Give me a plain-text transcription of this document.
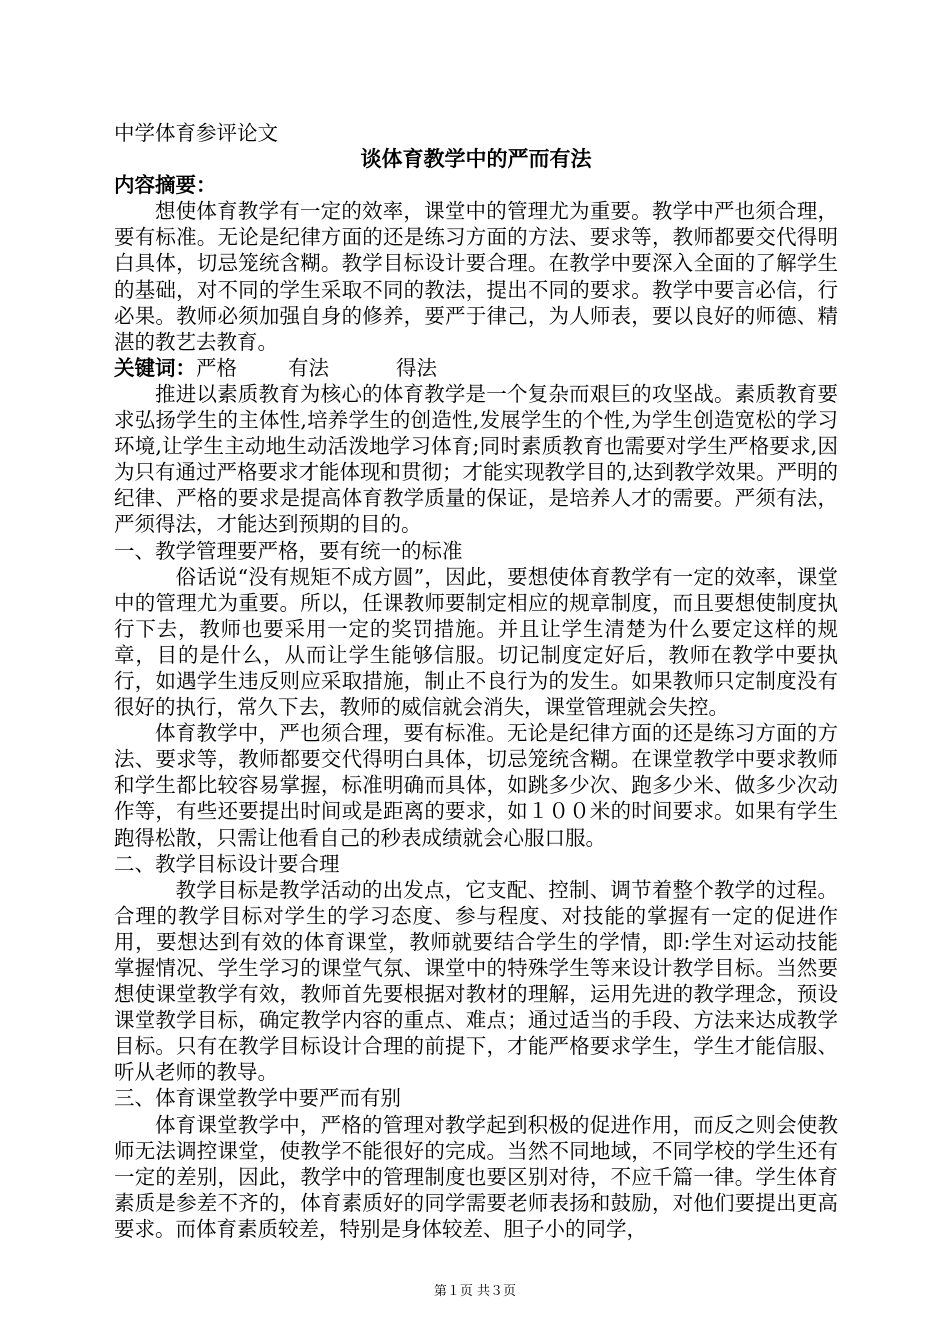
中学体育参评论文

谈体育教学中的严而有法

内容摘要：

想使体育教学有一定的效率，课堂中的管理尤为重要。教学中严也须合理，要有标准。无论是纪律方面的还是练习方面的方法、要求等，教师都要交代得明白具体，切忌笼统含糊。教学目标设计要合理。在教学中要深入全面的了解学生的基础，对不同的学生采取不同的教法，提出不同的要求。教学中要言必信，行必果。教师必须加强自身的修养，要严于律己，为人师表，要以良好的师德、精湛的教艺去教育。

关键词：严格 有法	得法

推进以素质教育为核心的体育教学是一个复杂而艰巨的攻坚战。素质教育要求弘扬学生的主体性,培养学生的创造性,发展学生的个性,为学生创造宽松的学习环境,让学生主动地生动活泼地学习体育;同时素质教育也需要对学生严格要求,因为只有通过严格要求才能体现和贯彻；才能实现教学目的,达到教学效果。严明的纪律、严格的要求是提高体育教学质量的保证，是培养人才的需要。严须有法，严须得法，才能达到预期的目的。

一、教学管理要严格，要有统一的标准

俗话说“没有规矩不成方圆”，因此，要想使体育教学有一定的效率，课堂中的管理尤为重要。所以，任课教师要制定相应的规章制度，而且要想使制度执行下去，教师也要采用一定的奖罚措施。并且让学生清楚为什么要定这样的规章，目的是什么，从而让学生能够信服。切记制度定好后，教师在教学中要执行，如遇学生违反则应采取措施，制止不良行为的发生。如果教师只定制度没有很好的执行，常久下去，教师的威信就会消失，课堂管理就会失控。

体育教学中，严也须合理，要有标准。无论是纪律方面的还是练习方面的方法、要求等，教师都要交代得明白具体，切忌笼统含糊。在课堂教学中要求教师和学生都比较容易掌握，标准明确而具体，如跳多少次、跑多少米、做多少次动作等，有些还要提出时间或是距离的要求，如１００米的时间要求。如果有学生跑得松散，只需让他看自己的秒表成绩就会心服口服。

二、教学目标设计要合理

教学目标是教学活动的出发点，它支配、控制、调节着整个教学的过程。合理的教学目标对学生的学习态度、参与程度、对技能的掌握有一定的促进作用，要想达到有效的体育课堂，教师就要结合学生的学情，即:学生对运动技能掌握情况、学生学习的课堂气氛、课堂中的特殊学生等来设计教学目标。当然要想使课堂教学有效，教师首先要根据对教材的理解，运用先进的教学理念，预设课堂教学目标，确定教学内容的重点、难点；通过适当的手段、方法来达成教学目标。只有在教学目标设计合理的前提下，才能严格要求学生，学生才能信服、听从老师的教导。

三、体育课堂教学中要严而有别

体育课堂教学中，严格的管理对教学起到积极的促进作用，而反之则会使教师无法调控课堂，使教学不能很好的完成。当然不同地域，不同学校的学生还有一定的差别，因此，教学中的管理制度也要区别对待，不应千篇一律。学生体育素质是参差不齐的，体育素质好的同学需要老师表扬和鼓励，对他们要提出更高要求。而体育素质较差，特别是身体较差、胆子小的同学，

第１页 共３页
